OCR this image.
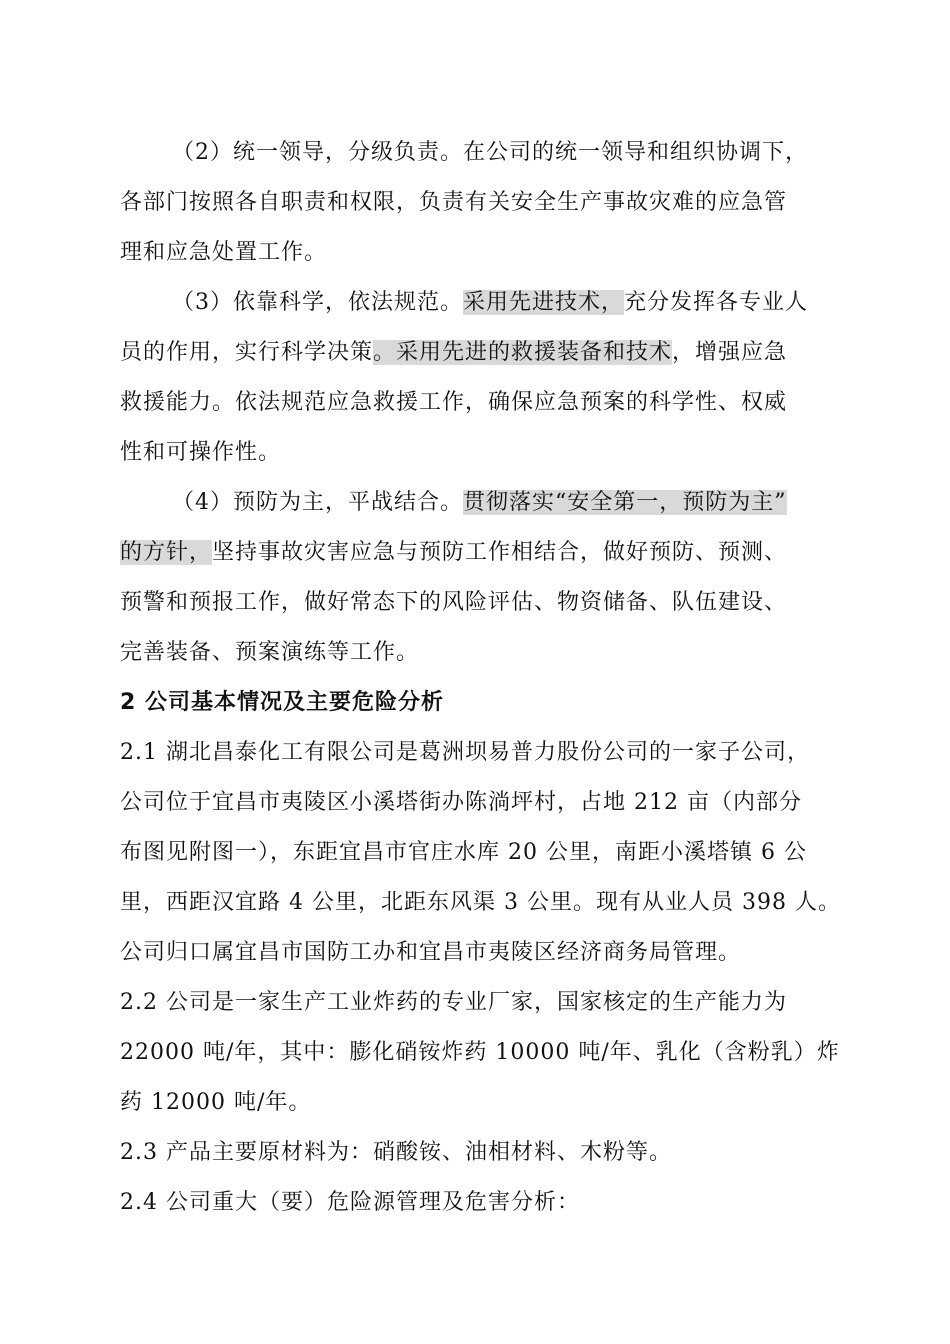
（2）统一领导，分级负责。在公司的统一领导和组织协调下，
各部门按照各自职责和权限，负责有关安全生产事故灾难的应急管
理和应急处置工作。
（3）依靠科学，依法规范。采用先进技术，充分发挥各专业人
员的作用，实行科学决策。采用先进的救援装备和技术，增强应急
救援能力。依法规范应急救援工作，确保应急预案的科学性、权威
性和可操作性。
（4）预防为主，平战结合。贯彻落实“安全第一，预防为主”
的方针，坚持事故灾害应急与预防工作相结合，做好预防、预测、
预警和预报工作，做好常态下的风险评估、物资储备、队伍建设、
完善装备、预案演练等工作。
2 公司基本情况及主要危险分析
2.1 湖北昌泰化工有限公司是葛洲坝易普力股份公司的一家子公司，
公司位于宜昌市夷陵区小溪塔街办陈淌坪村，占地 212 亩（内部分
布图见附图一），东距宜昌市官庄水库 20 公里，南距小溪塔镇 6 公
里，西距汉宜路 4 公里，北距东风渠 3 公里。现有从业人员 398 人。
公司归口属宜昌市国防工办和宜昌市夷陵区经济商务局管理。
2.2 公司是一家生产工业炸药的专业厂家，国家核定的生产能力为
22000 吨/年，其中：膨化硝铵炸药 10000 吨/年、乳化（含粉乳）炸
药 12000 吨/年。
2.3 产品主要原材料为：硝酸铵、油相材料、木粉等。
2.4 公司重大（要）危险源管理及危害分析：
